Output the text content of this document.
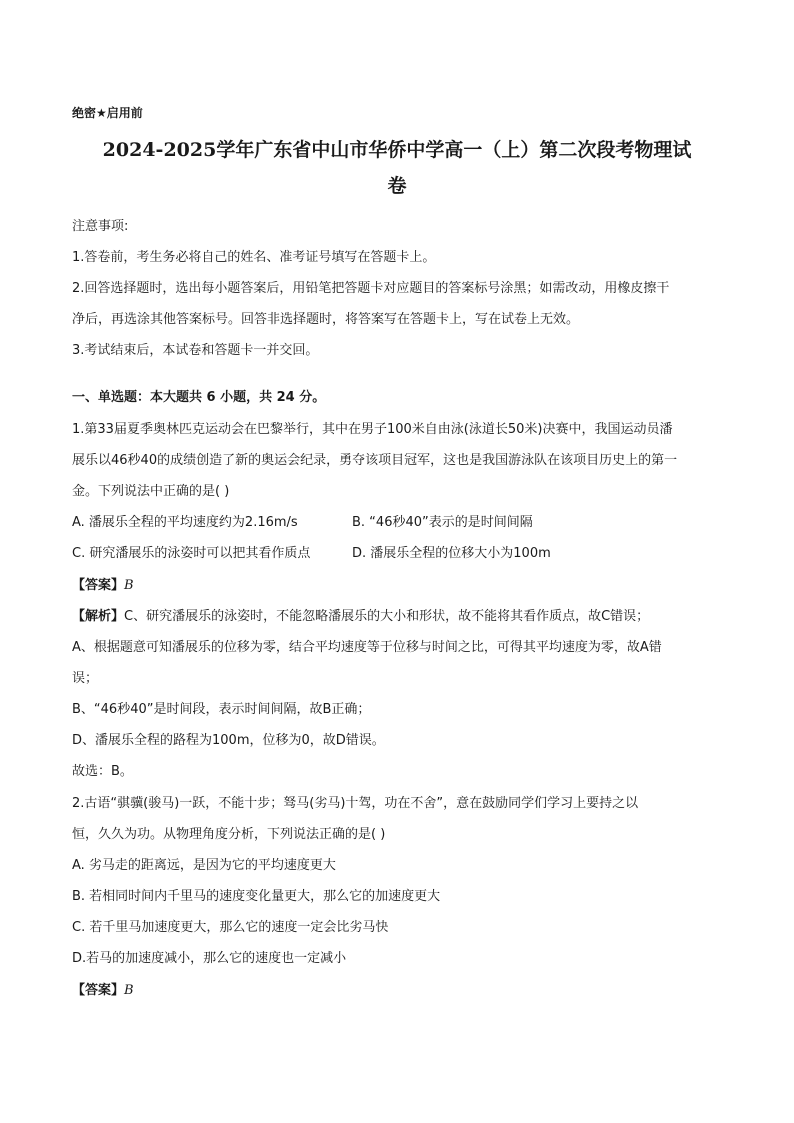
绝密★启用前
2024-2025学年广东省中山市华侨中学高一（上）第二次段考物理试
卷
注意事项:
1.答卷前，考生务必将自己的姓名、准考证号填写在答题卡上。
2.回答选择题时，选出每小题答案后，用铅笔把答题卡对应题目的答案标号涂黑；如需改动，用橡皮擦干
净后，再选涂其他答案标号。回答非选择题时，将答案写在答题卡上，写在试卷上无效。
3.考试结束后，本试卷和答题卡一并交回。
一、单选题：本大题共 6 小题，共 24 分。
1.第33届夏季奥林匹克运动会在巴黎举行，其中在男子100米自由泳(泳道长50米)决赛中，我国运动员潘
展乐以46秒40的成绩创造了新的奥运会纪录，勇夺该项目冠军，这也是我国游泳队在该项目历史上的第一
金。下列说法中正确的是( )
A. 潘展乐全程的平均速度约为2.16m/s	B. “46秒40”表示的是时间间隔
C. 研究潘展乐的泳姿时可以把其看作质点	D. 潘展乐全程的位移大小为100m
【答案】B
【解析】C、研究潘展乐的泳姿时，不能忽略潘展乐的大小和形状，故不能将其看作质点，故C错误；
A、根据题意可知潘展乐的位移为零，结合平均速度等于位移与时间之比，可得其平均速度为零，故A错
误；
B、“46秒40”是时间段，表示时间间隔，故B正确；
D、潘展乐全程的路程为100m，位移为0，故D错误。
故选：B。
2.古语“骐骥(骏马)一跃，不能十步；驽马(劣马)十驾，功在不舍”，意在鼓励同学们学习上要持之以
恒，久久为功。从物理角度分析，下列说法正确的是( )
A. 劣马走的距离远，是因为它的平均速度更大
B. 若相同时间内千里马的速度变化量更大，那么它的加速度更大
C. 若千里马加速度更大，那么它的速度一定会比劣马快
D.若马的加速度减小，那么它的速度也一定减小
【答案】B
